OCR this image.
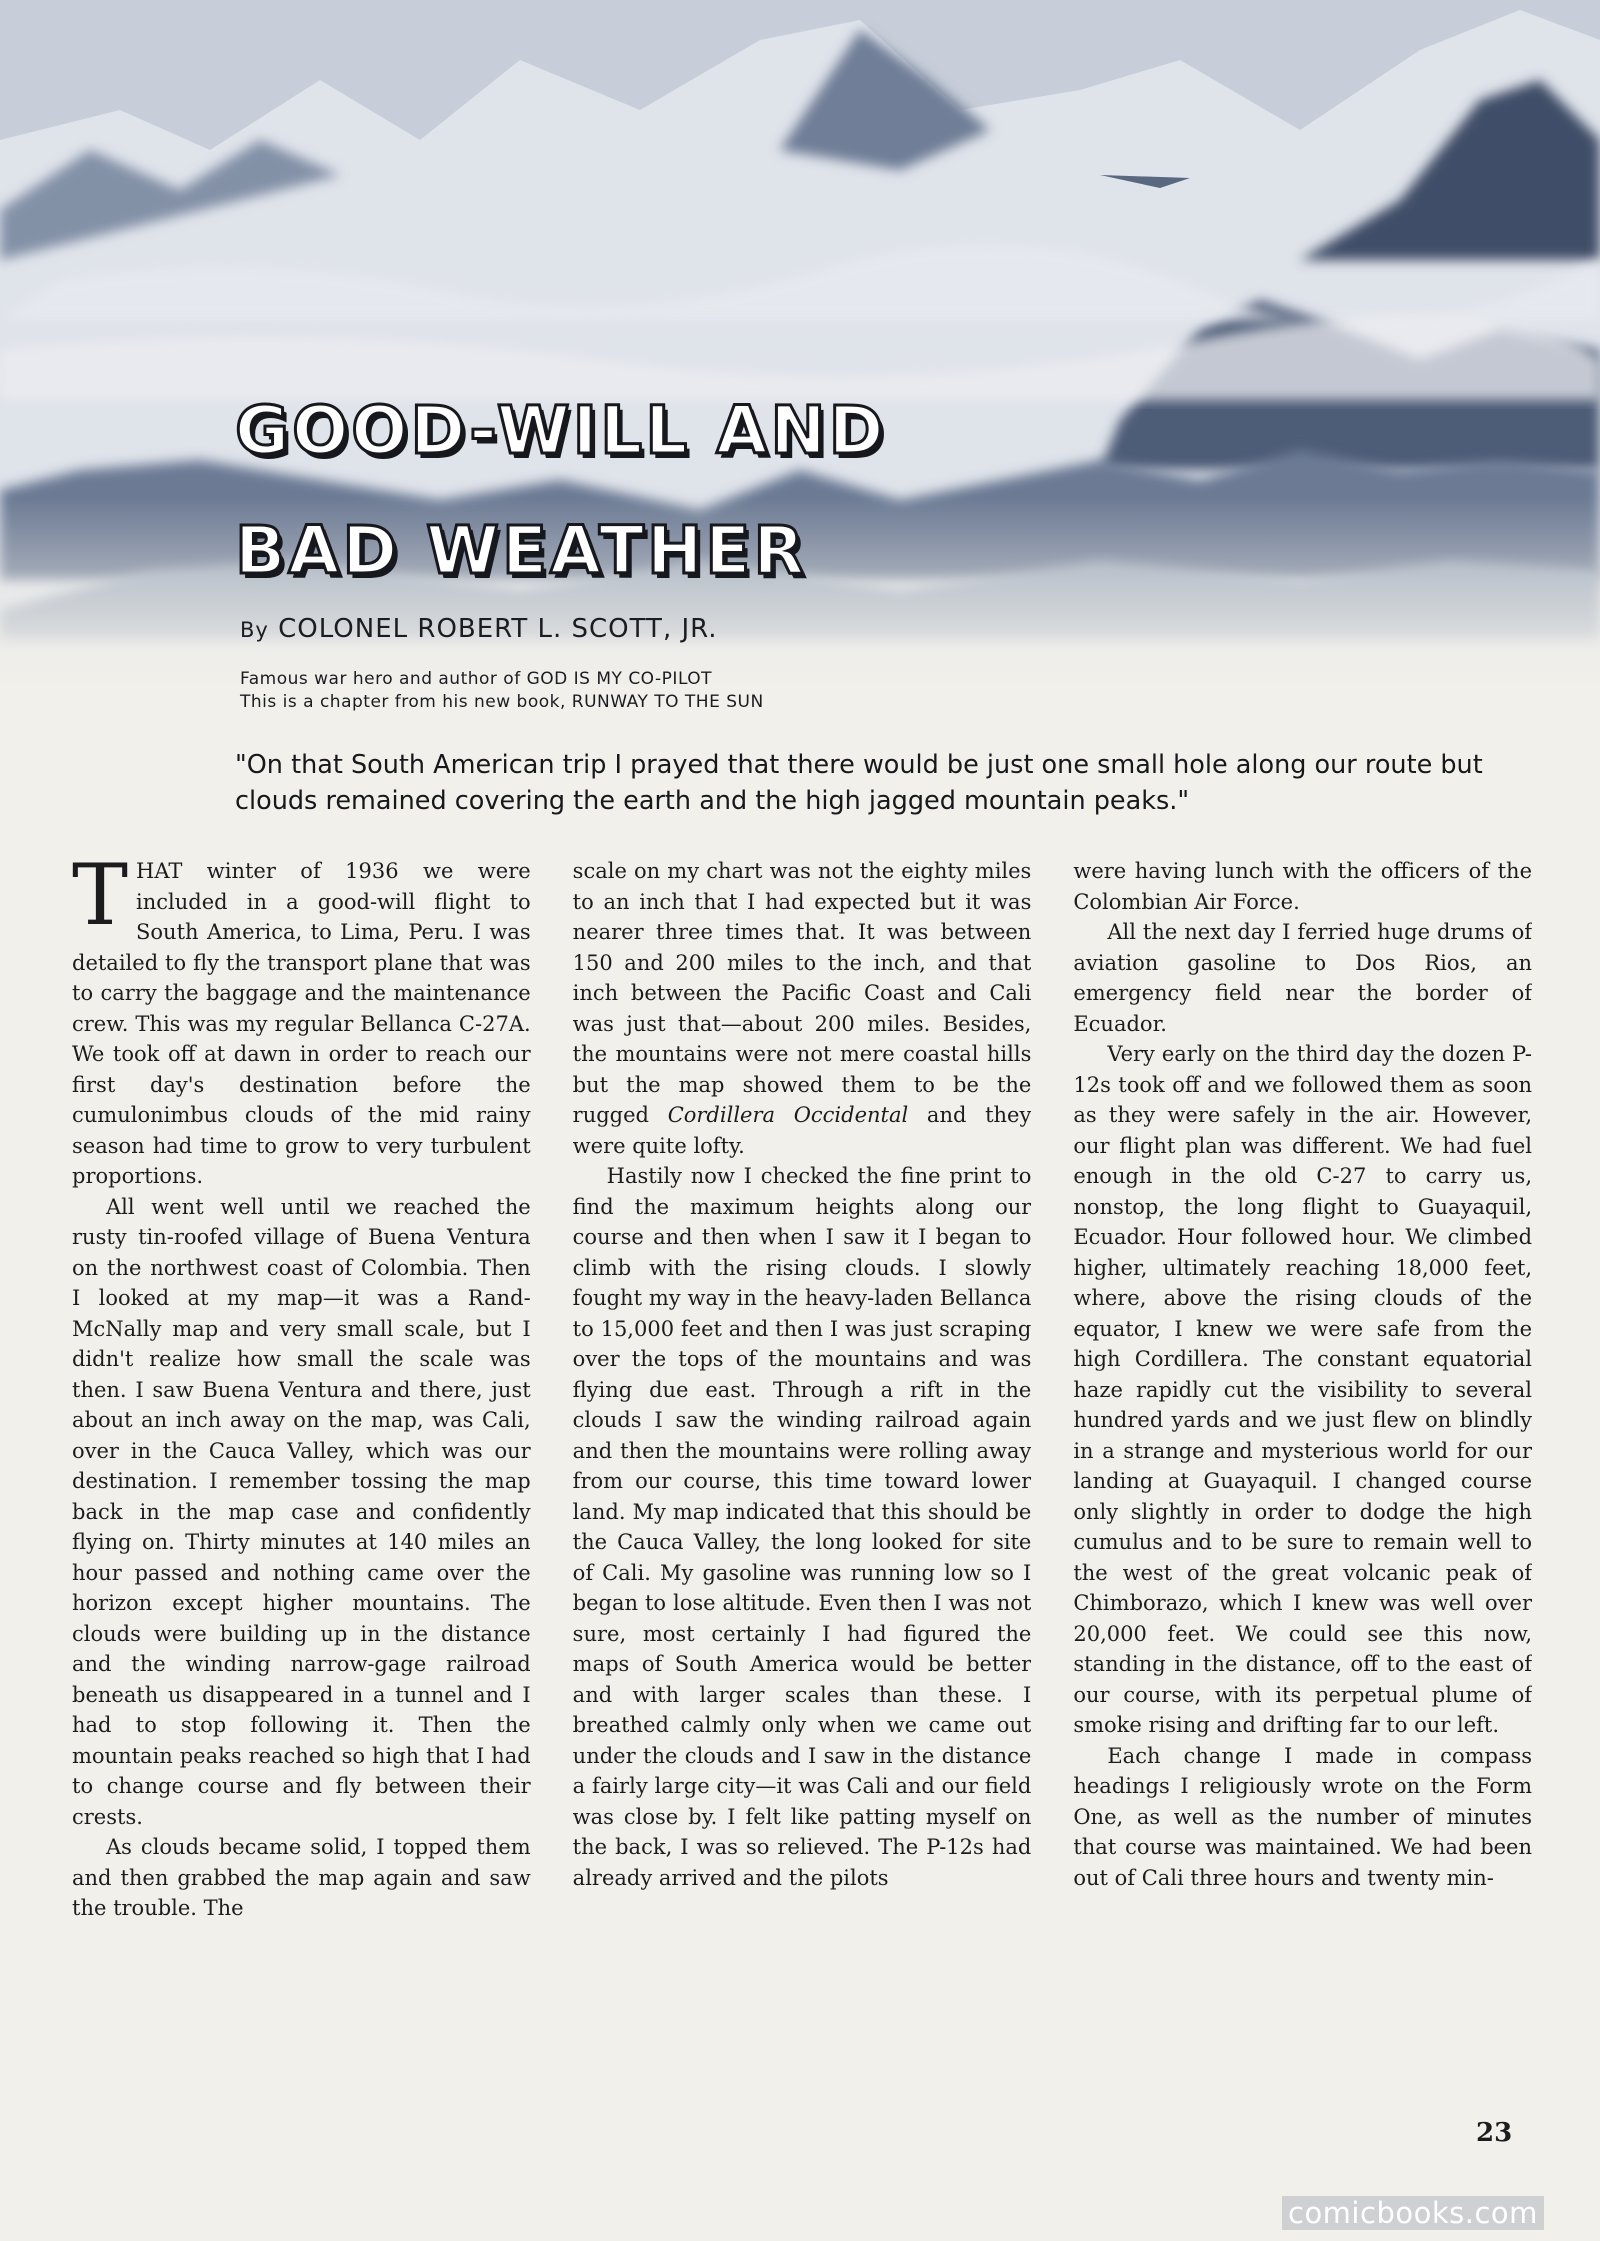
GOOD-WILL AND
BAD WEATHER
By COLONEL ROBERT L. SCOTT, JR.
Famous war hero and author of GOD IS MY CO-PILOT
This is a chapter from his new book, RUNWAY TO THE SUN
"On that South American trip I prayed that there would be just one small hole along our route but clouds remained covering the earth and the high jagged mountain peaks."

THAT winter of 1936 we were included in a good-will flight to South America, to Lima, Peru. I was detailed to fly the transport plane that was to carry the baggage and the maintenance crew. This was my regular Bellanca C-27A. We took off at dawn in order to reach our first day's destination before the cumulonimbus clouds of the mid rainy season had time to grow to very turbulent proportions.

All went well until we reached the rusty tin-roofed village of Buena Ventura on the northwest coast of Colombia. Then I looked at my map—it was a Rand-McNally map and very small scale, but I didn't realize how small the scale was then. I saw Buena Ventura and there, just about an inch away on the map, was Cali, over in the Cauca Valley, which was our destination. I remember tossing the map back in the map case and confidently flying on. Thirty minutes at 140 miles an hour passed and nothing came over the horizon except higher mountains. The clouds were building up in the distance and the winding narrow-gage railroad beneath us disappeared in a tunnel and I had to stop following it. Then the mountain peaks reached so high that I had to change course and fly between their crests.

As clouds became solid, I topped them and then grabbed the map again and saw the trouble. The

scale on my chart was not the eighty miles to an inch that I had expected but it was nearer three times that. It was between 150 and 200 miles to the inch, and that inch between the Pacific Coast and Cali was just that—about 200 miles. Besides, the mountains were not mere coastal hills but the map showed them to be the rugged Cordillera Occidental and they were quite lofty.

Hastily now I checked the fine print to find the maximum heights along our course and then when I saw it I began to climb with the rising clouds. I slowly fought my way in the heavy-laden Bellanca to 15,000 feet and then I was just scraping over the tops of the mountains and was flying due east. Through a rift in the clouds I saw the winding railroad again and then the mountains were rolling away from our course, this time toward lower land. My map indicated that this should be the Cauca Valley, the long looked for site of Cali. My gasoline was running low so I began to lose altitude. Even then I was not sure, most certainly I had figured the maps of South America would be better and with larger scales than these. I breathed calmly only when we came out under the clouds and I saw in the distance a fairly large city—it was Cali and our field was close by. I felt like patting myself on the back, I was so relieved. The P-12s had already arrived and the pilots

were having lunch with the officers of the Colombian Air Force.

All the next day I ferried huge drums of aviation gasoline to Dos Rios, an emergency field near the border of Ecuador.

Very early on the third day the dozen P-12s took off and we followed them as soon as they were safely in the air. However, our flight plan was different. We had fuel enough in the old C-27 to carry us, nonstop, the long flight to Guayaquil, Ecuador. Hour followed hour. We climbed higher, ultimately reaching 18,000 feet, where, above the rising clouds of the equator, I knew we were safe from the high Cordillera. The constant equatorial haze rapidly cut the visibility to several hundred yards and we just flew on blindly in a strange and mysterious world for our landing at Guayaquil. I changed course only slightly in order to dodge the high cumulus and to be sure to remain well to the west of the great volcanic peak of Chimborazo, which I knew was well over 20,000 feet. We could see this now, standing in the distance, off to the east of our course, with its perpetual plume of smoke rising and drifting far to our left.

Each change I made in compass headings I religiously wrote on the Form One, as well as the number of minutes that course was maintained. We had been out of Cali three hours and twenty min-

23
comicbooks.com
